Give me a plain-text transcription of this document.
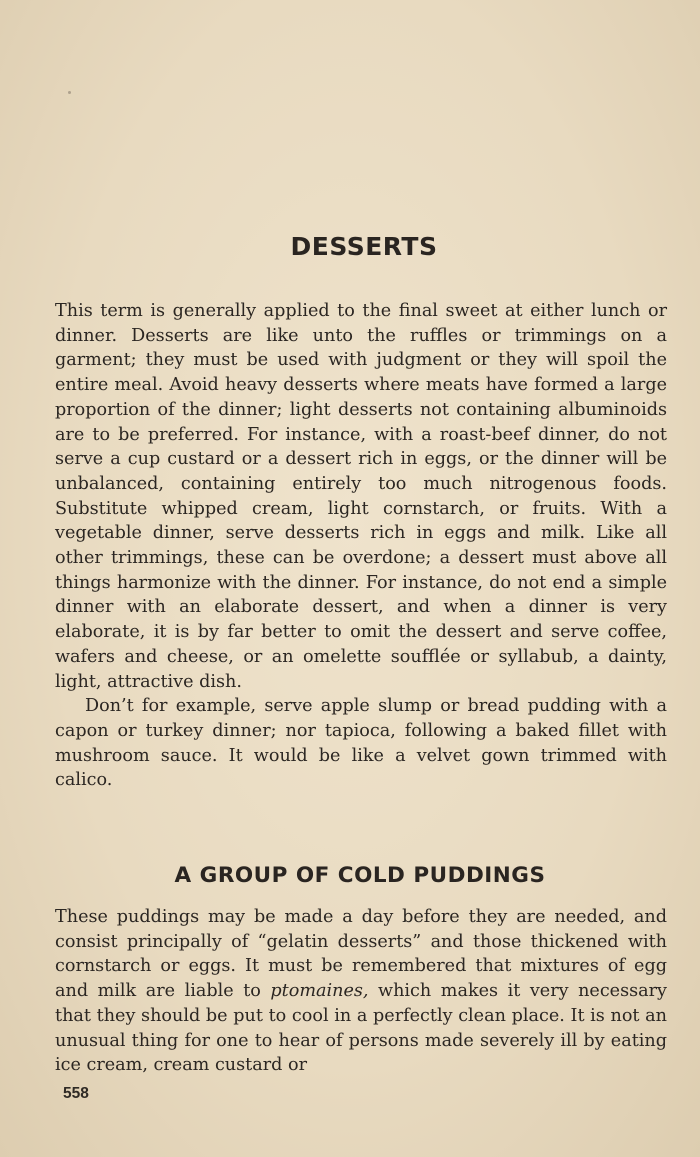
DESSERTS

This term is generally applied to the final sweet at either lunch or dinner. Desserts are like unto the ruffles or trimmings on a garment; they must be used with judgment or they will spoil the entire meal. Avoid heavy desserts where meats have formed a large proportion of the dinner; light desserts not containing albuminoids are to be preferred. For instance, with a roast-beef dinner, do not serve a cup custard or a dessert rich in eggs, or the dinner will be unbalanced, containing entirely too much nitrogenous foods. Substitute whipped cream, light cornstarch, or fruits. With a vegetable dinner, serve desserts rich in eggs and milk. Like all other trimmings, these can be overdone; a dessert must above all things harmonize with the dinner. For instance, do not end a simple dinner with an elaborate dessert, and when a dinner is very elaborate, it is by far better to omit the dessert and serve coffee, wafers and cheese, or an omelette soufflée or syllabub, a dainty, light, attractive dish.

Don’t for example, serve apple slump or bread pudding with a capon or turkey dinner; nor tapioca, following a baked fillet with mushroom sauce. It would be like a velvet gown trimmed with calico.

A GROUP OF COLD PUDDINGS

These puddings may be made a day before they are needed, and consist principally of “gelatin desserts” and those thickened with cornstarch or eggs. It must be remembered that mixtures of egg and milk are liable to ptomaines, which makes it very necessary that they should be put to cool in a perfectly clean place. It is not an unusual thing for one to hear of persons made severely ill by eating ice cream, cream custard or

558
